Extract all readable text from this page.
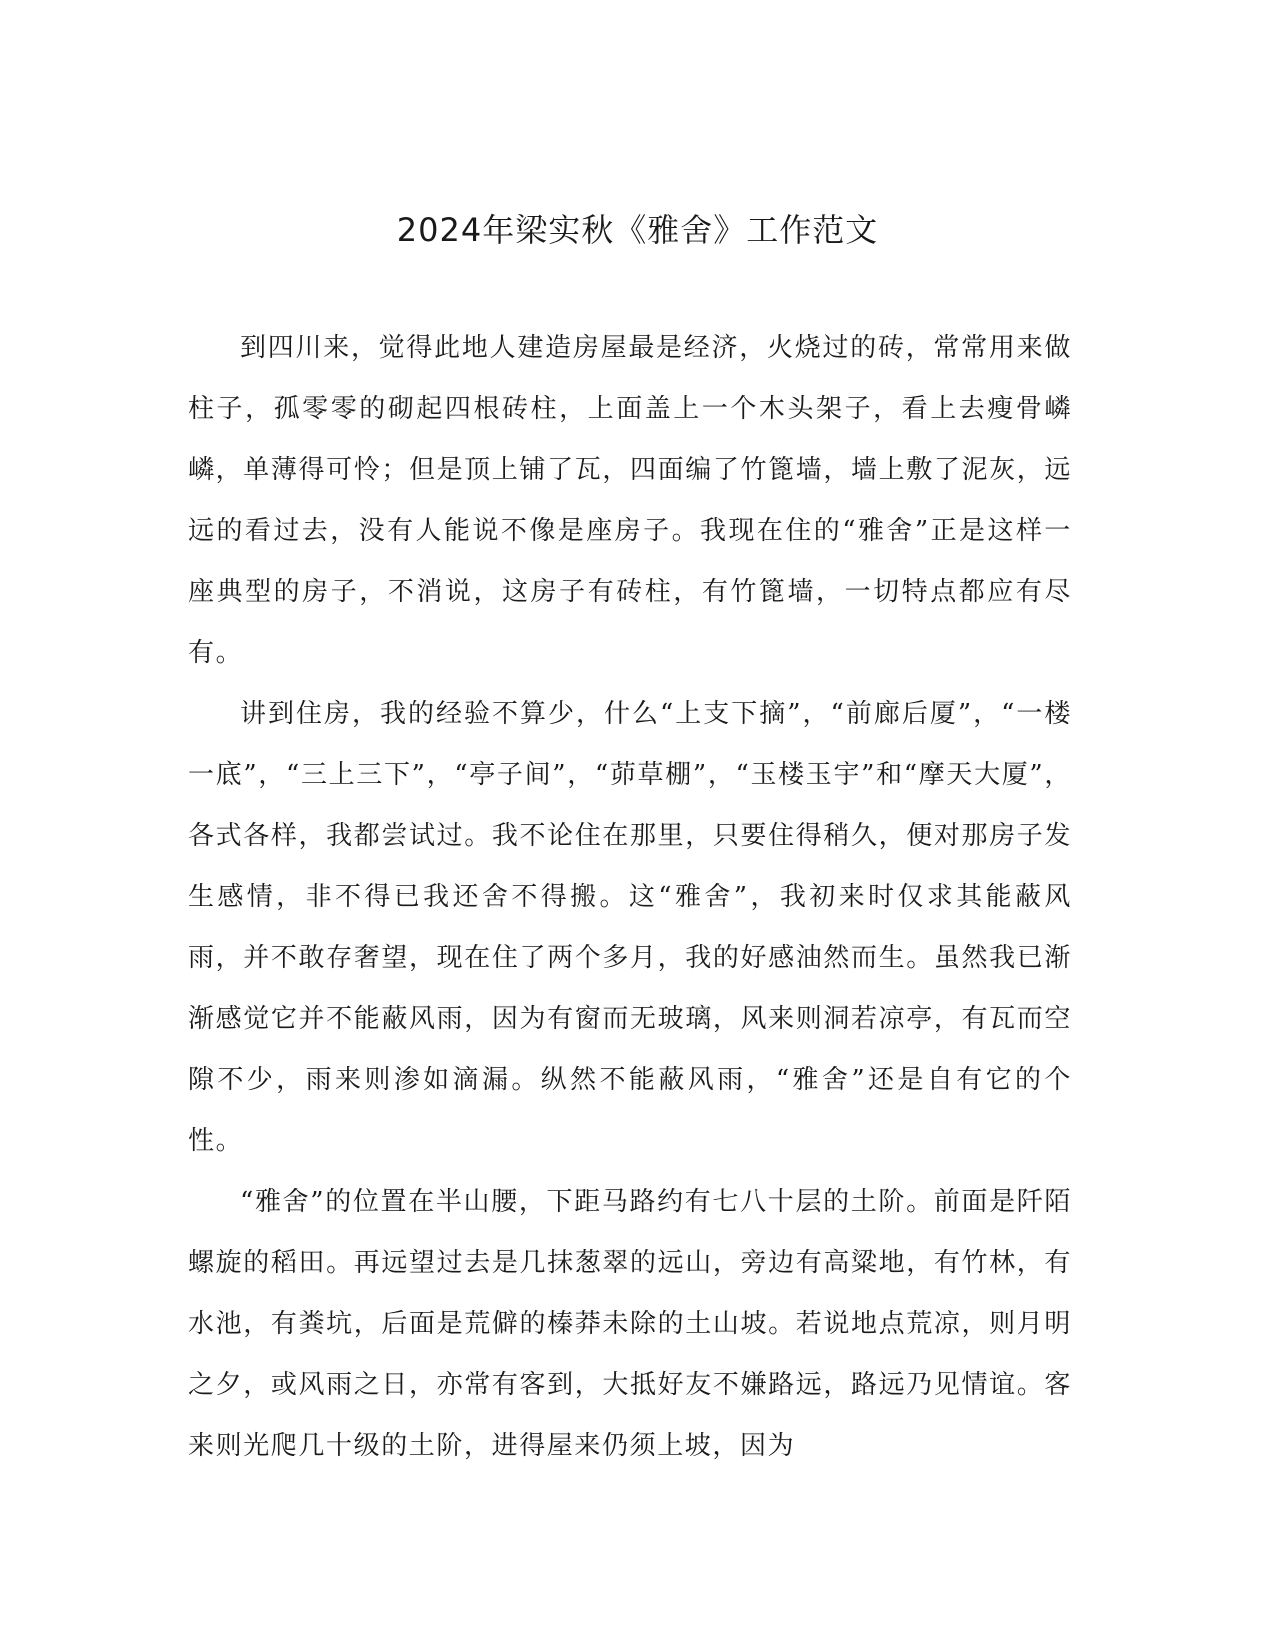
2024年梁实秋《雅舍》工作范文

到四川来，觉得此地人建造房屋最是经济，火烧过的砖，常常用来做柱子，孤零零的砌起四根砖柱，上面盖上一个木头架子，看上去瘦骨嶙嶙，单薄得可怜；但是顶上铺了瓦，四面编了竹篦墙，墙上敷了泥灰，远远的看过去，没有人能说不像是座房子。我现在住的“雅舍”正是这样一座典型的房子，不消说，这房子有砖柱，有竹篦墙，一切特点都应有尽有。

讲到住房，我的经验不算少，什么“上支下摘”，“前廊后厦”，“一楼一底”，“三上三下”，“亭子间”，“茆草棚”，“玉楼玉宇”和“摩天大厦”，各式各样，我都尝试过。我不论住在那里，只要住得稍久，便对那房子发生感情，非不得已我还舍不得搬。这“雅舍”，我初来时仅求其能蔽风雨，并不敢存奢望，现在住了两个多月，我的好感油然而生。虽然我已渐渐感觉它并不能蔽风雨，因为有窗而无玻璃，风来则洞若凉亭，有瓦而空隙不少，雨来则渗如滴漏。纵然不能蔽风雨，“雅舍”还是自有它的个性。

“雅舍”的位置在半山腰，下距马路约有七八十层的土阶。前面是阡陌螺旋的稻田。再远望过去是几抹葱翠的远山，旁边有高粱地，有竹林，有水池，有粪坑，后面是荒僻的榛莽未除的土山坡。若说地点荒凉，则月明之夕，或风雨之日，亦常有客到，大抵好友不嫌路远，路远乃见情谊。客来则光爬几十级的土阶，进得屋来仍须上坡，因为
